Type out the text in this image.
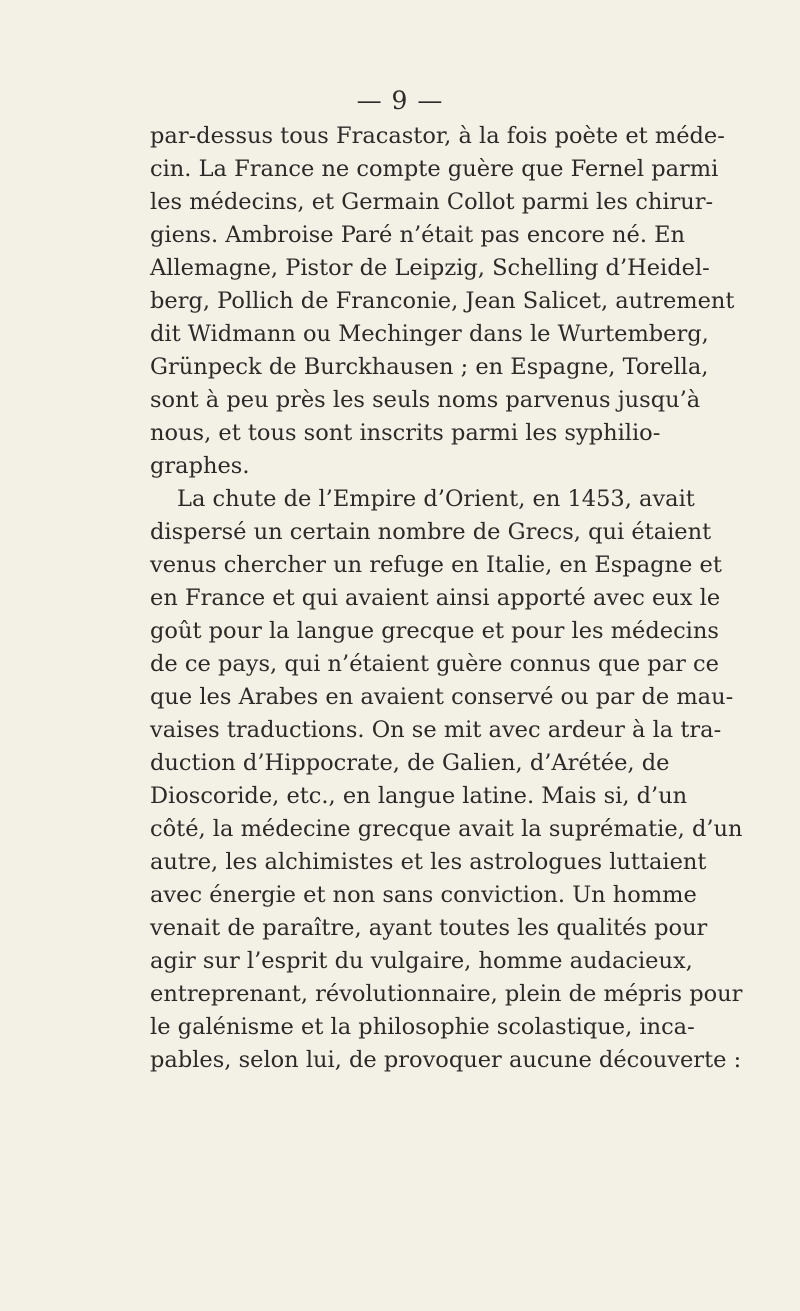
— 9 —
par-dessus tous Fracastor, à la fois poète et méde-
cin. La France ne compte guère que Fernel parmi
les médecins, et Germain Collot parmi les chirur-
giens. Ambroise Paré n’était pas encore né. En
Allemagne, Pistor de Leipzig, Schelling d’Heidel-
berg, Pollich de Franconie, Jean Salicet, autrement
dit Widmann ou Mechinger dans le Wurtemberg,
Grünpeck de Burckhausen ; en Espagne, Torella,
sont à peu près les seuls noms parvenus jusqu’à
nous, et tous sont inscrits parmi les syphilio-
graphes.
La chute de l’Empire d’Orient, en 1453, avait
dispersé un certain nombre de Grecs, qui étaient
venus chercher un refuge en Italie, en Espagne et
en France et qui avaient ainsi apporté avec eux le
goût pour la langue grecque et pour les médecins
de ce pays, qui n’étaient guère connus que par ce
que les Arabes en avaient conservé ou par de mau-
vaises traductions. On se mit avec ardeur à la tra-
duction d’Hippocrate, de Galien, d’Arétée, de
Dioscoride, etc., en langue latine. Mais si, d’un
côté, la médecine grecque avait la suprématie, d’un
autre, les alchimistes et les astrologues luttaient
avec énergie et non sans conviction. Un homme
venait de paraître, ayant toutes les qualités pour
agir sur l’esprit du vulgaire, homme audacieux,
entreprenant, révolutionnaire, plein de mépris pour
le galénisme et la philosophie scolastique, inca-
pables, selon lui, de provoquer aucune découverte :
